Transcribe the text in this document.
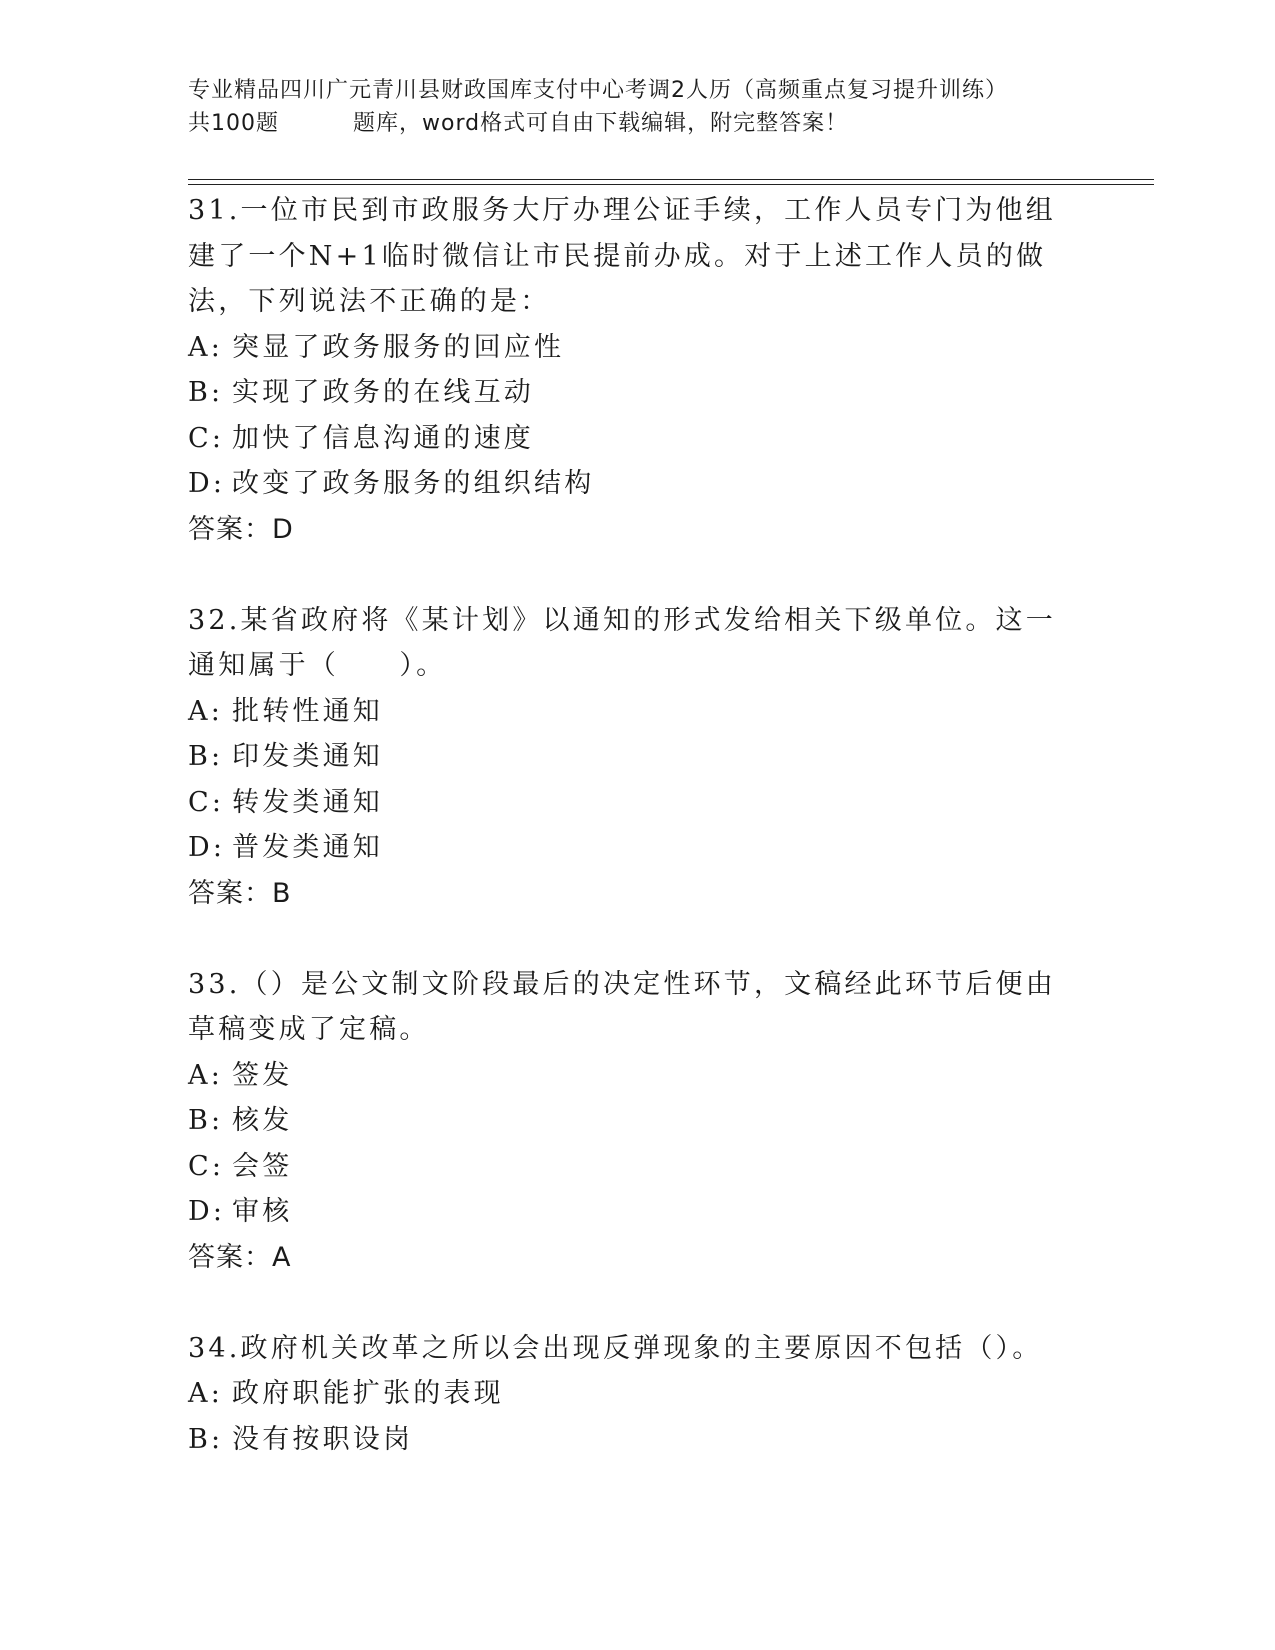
专业精品四川广元青川县财政国库支付中心考调2人历（高频重点复习提升训练）
共100题	题库，word格式可自由下载编辑，附完整答案！

31.一位市民到市政服务大厅办理公证手续，工作人员专门为他组建了一个N+1临时微信让市民提前办成。对于上述工作人员的做法，下列说法不正确的是：

A: 突显了政务服务的回应性

B: 实现了政务的在线互动

C: 加快了信息沟通的速度

D: 改变了政务服务的组织结构

答案：D

32.某省政府将《某计划》以通知的形式发给相关下级单位。这一通知属于（　　）。

A: 批转性通知

B: 印发类通知

C: 转发类通知

D: 普发类通知

答案：B

33.（）是公文制文阶段最后的决定性环节，文稿经此环节后便由草稿变成了定稿。

A: 签发

B: 核发

C: 会签

D: 审核

答案：A

34.政府机关改革之所以会出现反弹现象的主要原因不包括（）。

A: 政府职能扩张的表现

B: 没有按职设岗
